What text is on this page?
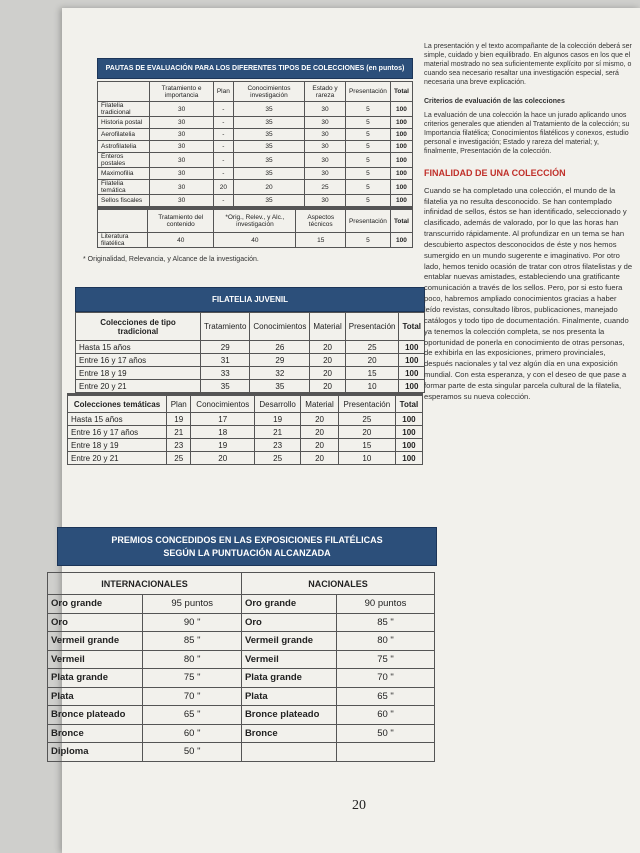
PAUTAS DE EVALUACIÓN PARA LOS DIFERENTES TIPOS DE COLECCIONES (en puntos)
	Tratamiento e importancia	Plan	Conocimientos investigación	Estado y rareza	Presentación	Total
Filatelia tradicional	30	-	35	30	5	100
Historia postal	30	-	35	30	5	100
Aerofilatelia	30	-	35	30	5	100
Astrofilatelia	30	-	35	30	5	100
Enteros postales	30	-	35	30	5	100
Maximofilia	30	-	35	30	5	100
Filatelia temática	30	20	20	25	5	100
Sellos fiscales	30	-	35	30	5	100
	Tratamiento del contenido	*Orig., Relev., y Alc., investigación	Aspectos técnicos	Presentación	Total
Literatura filatélica	40	40	15	5	100
* Originalidad, Relevancia, y Alcance de la investigación.
FILATELIA JUVENIL
Colecciones de tipo tradicional	Tratamiento	Conocimientos	Material	Presentación	Total
Hasta 15 años	29	26	20	25	100
Entre 16 y 17 años	31	29	20	20	100
Entre 18 y 19	33	32	20	15	100
Entre 20 y 21	35	35	20	10	100
Colecciones temáticas	Plan	Conocimientos	Desarrollo	Material	Presentación	Total
Hasta 15 años	19	17	19	20	25	100
Entre 16 y 17 años	21	18	21	20	20	100
Entre 18 y 19	23	19	23	20	15	100
Entre 20 y 21	25	20	25	20	10	100
PREMIOS CONCEDIDOS EN LAS EXPOSICIONES FILATÉLICAS
SEGÚN LA PUNTUACIÓN ALCANZADA
INTERNACIONALES		NACIONALES	
Oro grande	95 puntos	Oro grande	90 puntos
Oro	90 "	Oro	85 "
Vermeil grande	85 "	Vermeil grande	80 "
Vermeil	80 "	Vermeil	75 "
Plata grande	75 "	Plata grande	70 "
Plata	70 "	Plata	65 "
Bronce plateado	65 "	Bronce plateado	60 "
Bronce	60 "	Bronce	50 "
Diploma	50 "		

La presentación y el texto acompañante de la colección deberá ser simple, cuidado y bien equilibrado. En algunos casos en los que el material mostrado no sea suficientemente explícito por sí mismo, o cuando sea necesario resaltar una investigación especial, será necesaria una breve explicación.

Criterios de evaluación de las colecciones

La evaluación de una colección la hace un jurado aplicando unos criterios generales que atienden al Tratamiento de la colección; su Importancia filatélica; Conocimientos filatélicos y conexos, estudio personal e investigación; Estado y rareza del material; y, finalmente, Presentación de la colección.

FINALIDAD DE UNA COLECCIÓN

Cuando se ha completado una colección, el mundo de la filatelia ya no resulta desconocido. Se han contemplado infinidad de sellos, éstos se han identificado, seleccionado y clasificado, además de valorado, por lo que las horas han transcurrido rápidamente. Al profundizar en un tema se han descubierto aspectos desconocidos de éste y nos hemos sumergido en un mundo sugerente e imaginativo. Por otro lado, hemos tenido ocasión de tratar con otros filatelistas y de entablar nuevas amistades, estableciendo una gratificante comunicación a través de los sellos. Pero, por si esto fuera poco, habremos ampliado conocimientos gracias a haber leído revistas, consultado libros, publicaciones, manejado catálogos y todo tipo de documentación. Finalmente, cuando ya tenemos la colección completa, se nos presenta la oportunidad de ponerla en conocimiento de otras personas, de exhibirla en las exposiciones, primero provinciales, después nacionales y tal vez algún día en una exposición mundial. Con esta esperanza, y con el deseo de que pase a formar parte de esta singular parcela cultural de la filatelia, esperamos su nueva colección.

20
